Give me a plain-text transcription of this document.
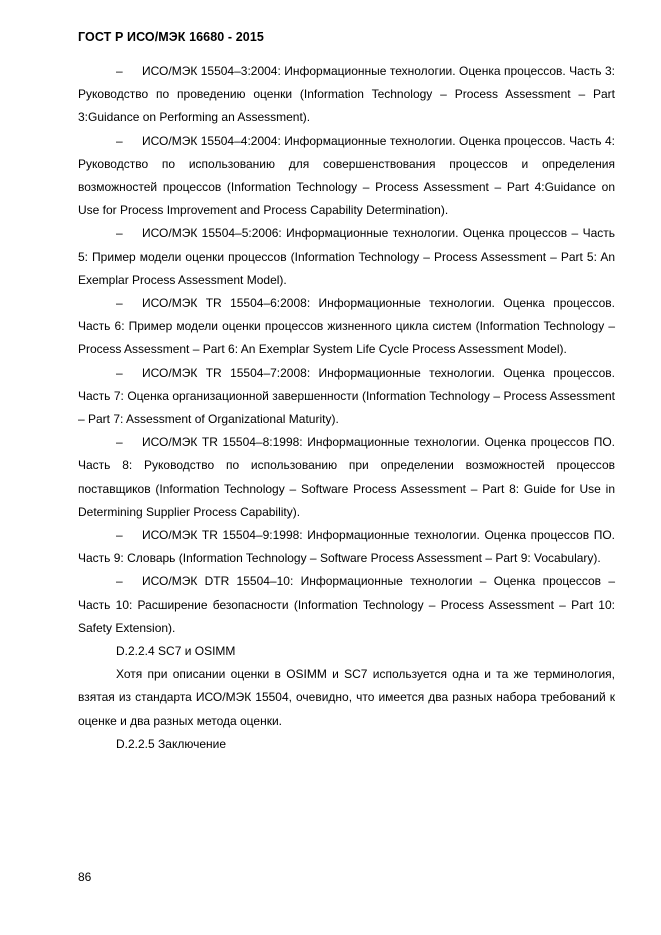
ГОСТ Р ИСО/МЭК 16680 - 2015

– ИСО/МЭК 15504–3:2004: Информационные технологии. Оценка процессов. Часть 3: Руководство по проведению оценки (Information Technology – Process Assessment – Part 3:Guidance on Performing an Assessment).

– ИСО/МЭК 15504–4:2004: Информационные технологии. Оценка процессов. Часть 4: Руководство по использованию для совершенствования процессов и определения возможностей процессов (Information Technology – Process Assessment – Part 4:Guidance on Use for Process Improvement and Process Capability Determination).

– ИСО/МЭК 15504–5:2006: Информационные технологии. Оценка процессов – Часть 5: Пример модели оценки процессов (Information Technology – Process Assessment – Part 5: An Exemplar Process Assessment Model).

– ИСО/МЭК TR 15504–6:2008: Информационные технологии. Оценка процессов. Часть 6: Пример модели оценки процессов жизненного цикла систем (Information Technology – Process Assessment – Part 6: An Exemplar System Life Cycle Process Assessment Model).

– ИСО/МЭК TR 15504–7:2008: Информационные технологии. Оценка процессов. Часть 7: Оценка организационной завершенности (Information Technology – Process Assessment – Part 7: Assessment of Organizational Maturity).

– ИСО/МЭК TR 15504–8:1998: Информационные технологии. Оценка процессов ПО. Часть 8: Руководство по использованию при определении возможностей процессов поставщиков (Information Technology – Software Process Assessment – Part 8: Guide for Use in Determining Supplier Process Capability).

– ИСО/МЭК TR 15504–9:1998: Информационные технологии. Оценка процессов ПО. Часть 9: Словарь (Information Technology – Software Process Assessment – Part 9: Vocabulary).

– ИСО/МЭК DTR 15504–10: Информационные технологии – Оценка процессов – Часть 10: Расширение безопасности (Information Technology – Process Assessment – Part 10: Safety Extension).

D.2.2.4 SC7 и OSIMM

Хотя при описании оценки в OSIMM и SC7 используется одна и та же терминология, взятая из стандарта ИСО/МЭК 15504, очевидно, что имеется два разных набора требований к оценке и два разных метода оценки.

D.2.2.5 Заключение

86
